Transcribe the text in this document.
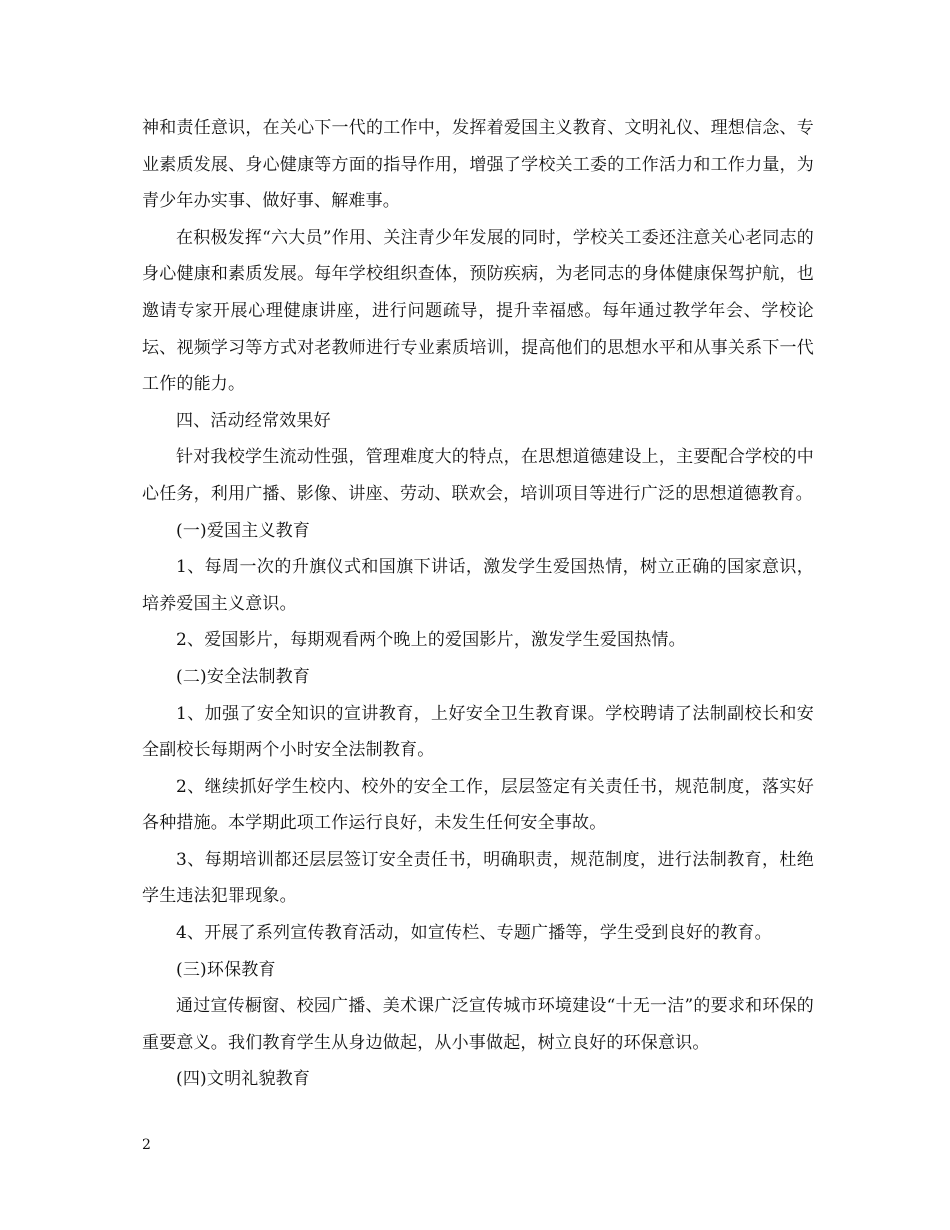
神和责任意识，在关心下一代的工作中，发挥着爱国主义教育、文明礼仪、理想信念、专业素质发展、身心健康等方面的指导作用，增强了学校关工委的工作活力和工作力量，为青少年办实事、做好事、解难事。

在积极发挥“六大员”作用、关注青少年发展的同时，学校关工委还注意关心老同志的身心健康和素质发展。每年学校组织查体，预防疾病，为老同志的身体健康保驾护航，也邀请专家开展心理健康讲座，进行问题疏导，提升幸福感。每年通过教学年会、学校论坛、视频学习等方式对老教师进行专业素质培训，提高他们的思想水平和从事关系下一代工作的能力。

四、活动经常效果好

针对我校学生流动性强，管理难度大的特点，在思想道德建设上，主要配合学校的中心任务，利用广播、影像、讲座、劳动、联欢会，培训项目等进行广泛的思想道德教育。

(一)爱国主义教育

1、每周一次的升旗仪式和国旗下讲话，激发学生爱国热情，树立正确的国家意识，培养爱国主义意识。

2、爱国影片，每期观看两个晚上的爱国影片，激发学生爱国热情。

(二)安全法制教育

1、加强了安全知识的宣讲教育，上好安全卫生教育课。学校聘请了法制副校长和安全副校长每期两个小时安全法制教育。

2、继续抓好学生校内、校外的安全工作，层层签定有关责任书，规范制度，落实好各种措施。本学期此项工作运行良好，未发生任何安全事故。

3、每期培训都还层层签订安全责任书，明确职责，规范制度，进行法制教育，杜绝学生违法犯罪现象。

4、开展了系列宣传教育活动，如宣传栏、专题广播等，学生受到良好的教育。

(三)环保教育

通过宣传橱窗、校园广播、美术课广泛宣传城市环境建设“十无一洁”的要求和环保的重要意义。我们教育学生从身边做起，从小事做起，树立良好的环保意识。

(四)文明礼貌教育

2
